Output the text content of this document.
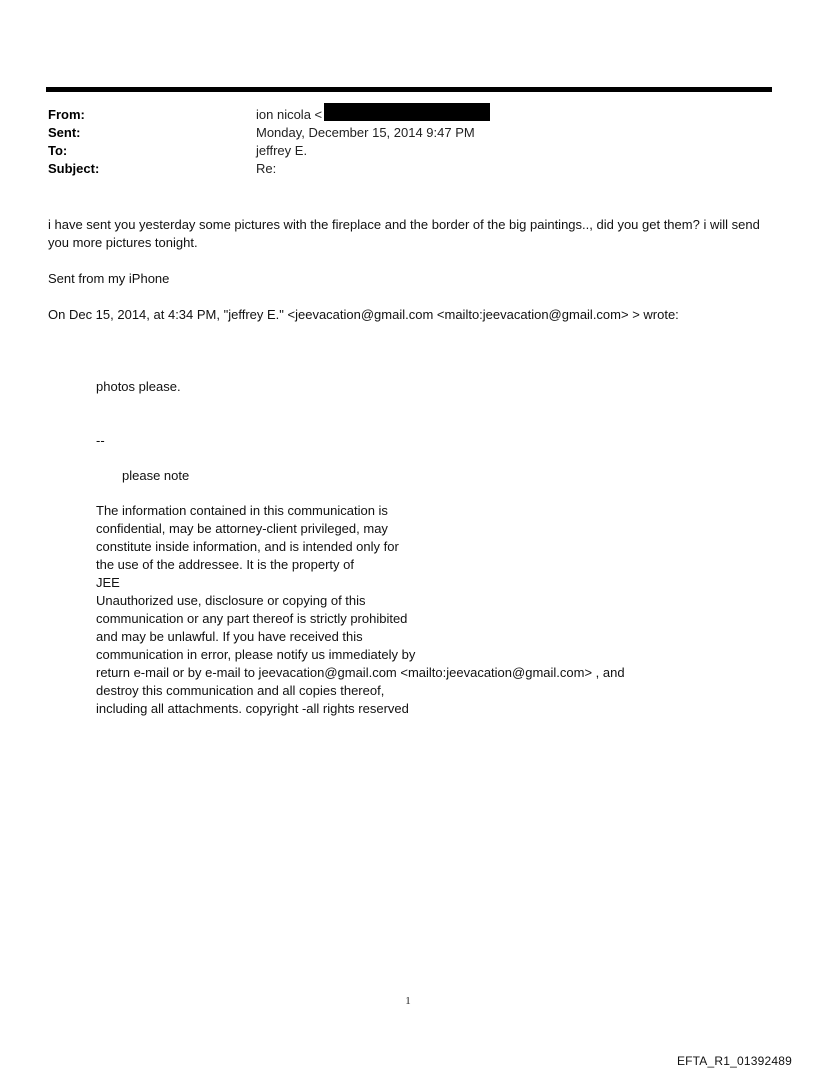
From:	ion nicola <
Sent:	Monday, December 15, 2014 9:47 PM
To:	jeffrey E.
Subject:	Re:
i have sent you yesterday some pictures with the fireplace and the border of the big paintings.., did you get them? i will send you more pictures tonight.
Sent from my iPhone
On Dec 15, 2014, at 4:34 PM, "jeffrey E." <jeevacation@gmail.com <mailto:jeevacation@gmail.com> > wrote:
photos please.
--
please note
The information contained in this communication is
confidential, may be attorney-client privileged, may
constitute inside information, and is intended only for
the use of the addressee. It is the property of
JEE
Unauthorized use, disclosure or copying of this
communication or any part thereof is strictly prohibited
and may be unlawful. If you have received this
communication in error, please notify us immediately by
return e-mail or by e-mail to jeevacation@gmail.com <mailto:jeevacation@gmail.com> , and
destroy this communication and all copies thereof,
including all attachments. copyright -all rights reserved
1
EFTA_R1_01392489
